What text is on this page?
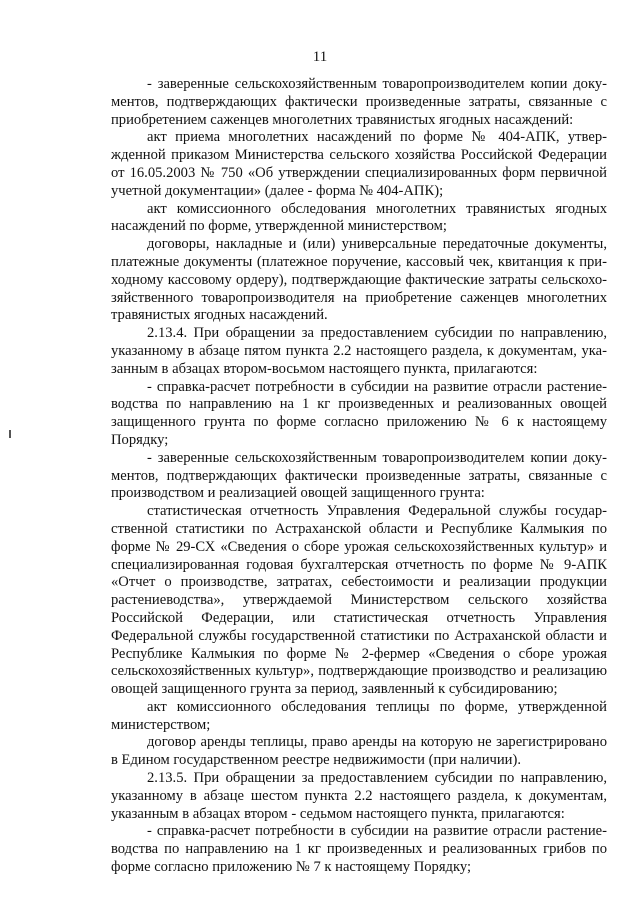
11

- заверенные сельскохозяйственным товаропроизводителем копии документов, подтверждающих фактически произведенные затраты, связанные с приобретением саженцев многолетних травянистых ягодных насаждений:

акт приема многолетних насаждений по форме № 404-АПК, утвержденной приказом Министерства сельского хозяйства Российской Федерации от 16.05.2003 № 750 «Об утверждении специализированных форм первичной учетной документации» (далее - форма № 404-АПК);

акт комиссионного обследования многолетних травянистых ягодных насаждений по форме, утвержденной министерством;

договоры, накладные и (или) универсальные передаточные документы, платежные документы (платежное поручение, кассовый чек, квитанция к приходному кассовому ордеру), подтверждающие фактические затраты сельскохозяйственного товаропроизводителя на приобретение саженцев многолетних травянистых ягодных насаждений.

2.13.4. При обращении за предоставлением субсидии по направлению, указанному в абзаце пятом пункта 2.2 настоящего раздела, к документам, указанным в абзацах втором-восьмом настоящего пункта, прилагаются:

- справка-расчет потребности в субсидии на развитие отрасли растениеводства по направлению на 1 кг произведенных и реализованных овощей защищенного грунта по форме согласно приложению № 6 к настоящему Порядку;

- заверенные сельскохозяйственным товаропроизводителем копии документов, подтверждающих фактически произведенные затраты, связанные с производством и реализацией овощей защищенного грунта:

статистическая отчетность Управления Федеральной службы государственной статистики по Астраханской области и Республике Калмыкия по форме № 29-СХ «Сведения о сборе урожая сельскохозяйственных культур» и специализированная годовая бухгалтерская отчетность по форме № 9-АПК «Отчет о производстве, затратах, себестоимости и реализации продукции растениеводства», утверждаемой Министерством сельского хозяйства Российской Федерации, или статистическая отчетность Управления Федеральной службы государственной статистики по Астраханской области и Республике Калмыкия по форме № 2-фермер «Сведения о сборе урожая сельскохозяйственных культур», подтверждающие производство и реализацию овощей защищенного грунта за период, заявленный к субсидированию;

акт комиссионного обследования теплицы по форме, утвержденной министерством;

договор аренды теплицы, право аренды на которую не зарегистрировано в Едином государственном реестре недвижимости (при наличии).

2.13.5. При обращении за предоставлением субсидии по направлению, указанному в абзаце шестом пункта 2.2 настоящего раздела, к документам, указанным в абзацах втором - седьмом настоящего пункта, прилагаются:

- справка-расчет потребности в субсидии на развитие отрасли растениеводства по направлению на 1 кг произведенных и реализованных грибов по форме согласно приложению № 7 к настоящему Порядку;
